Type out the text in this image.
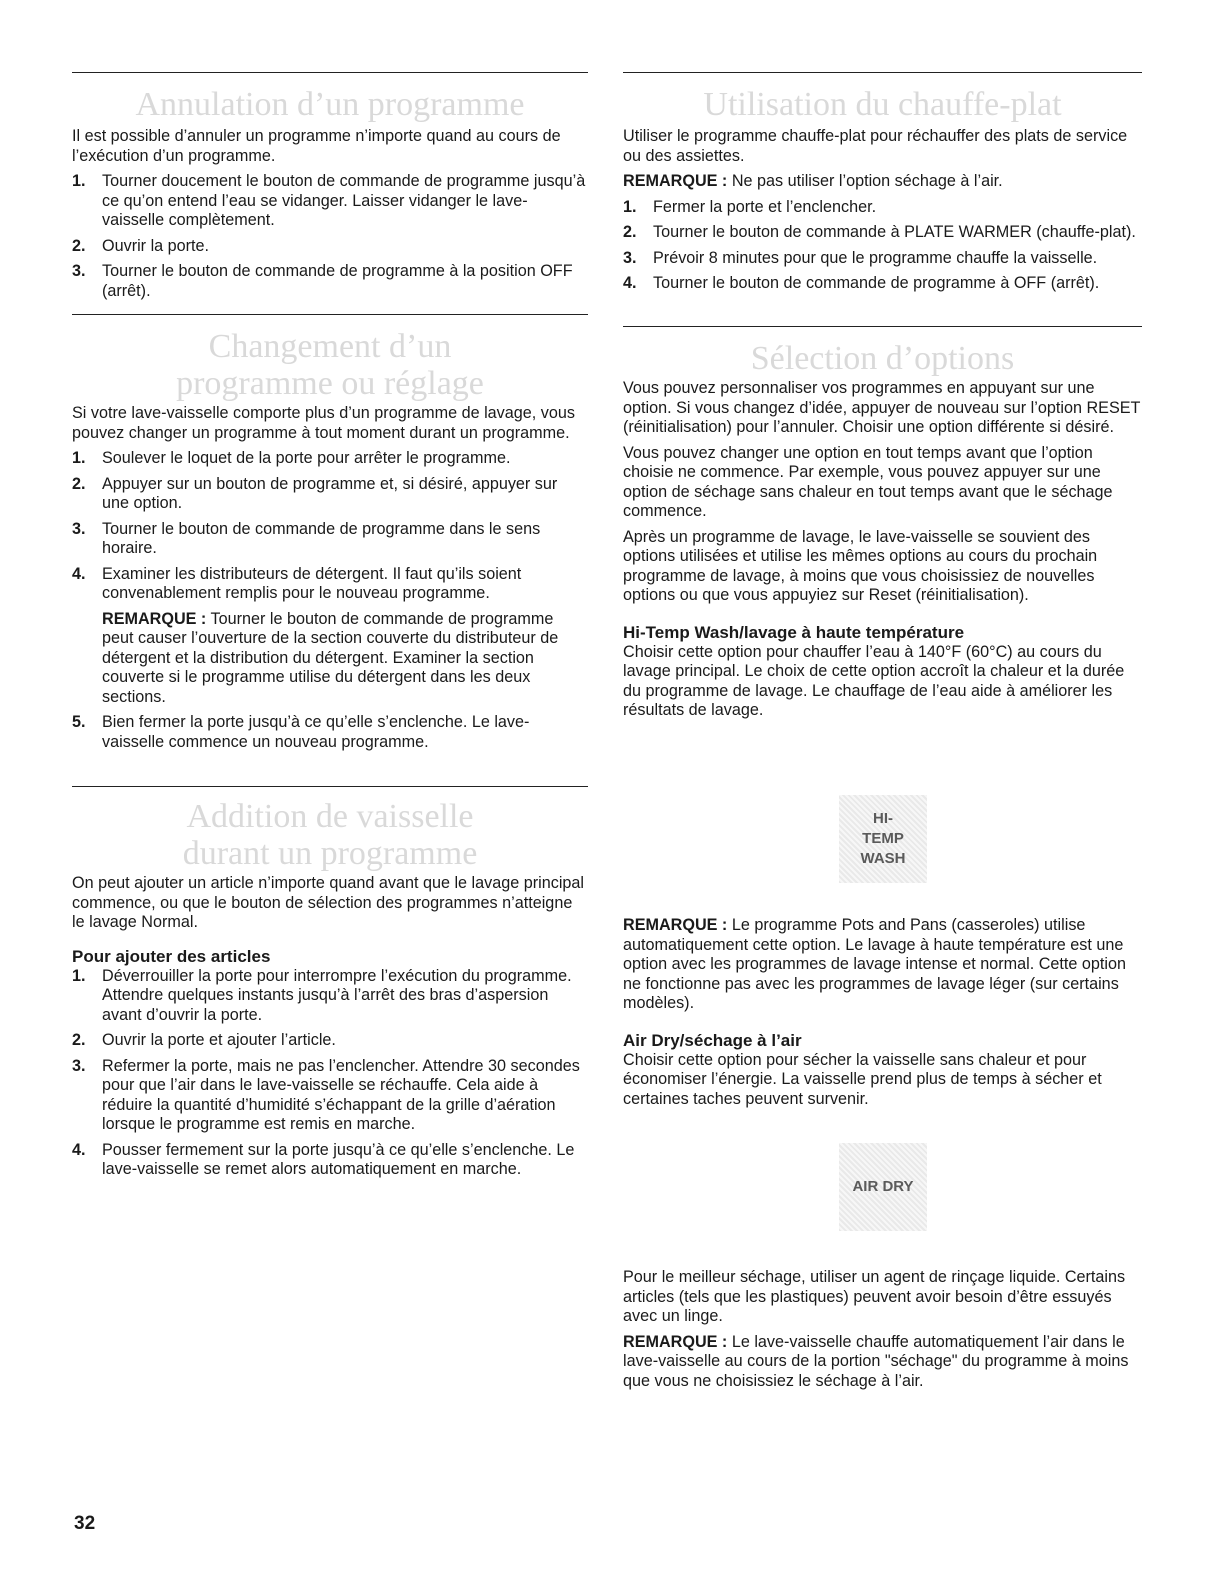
Annulation d’un programme

Il est possible d’annuler un programme n’importe quand au cours de l’exécution d’un programme.

1. Tourner doucement le bouton de commande de programme jusqu’à ce qu’on entend l’eau se vidanger. Laisser vidanger le lave-vaisselle complètement.
2. Ouvrir la porte.
3. Tourner le bouton de commande de programme à la position OFF (arrêt).
Changement d’un
programme ou réglage

Si votre lave-vaisselle comporte plus d’un programme de lavage, vous pouvez changer un programme à tout moment durant un programme.

1. Soulever le loquet de la porte pour arrêter le programme.
2. Appuyer sur un bouton de programme et, si désiré, appuyer sur une option.
3. Tourner le bouton de commande de programme dans le sens horaire.
4. Examiner les distributeurs de détergent. Il faut qu’ils soient convenablement remplis pour le nouveau programme.
REMARQUE : Tourner le bouton de commande de programme peut causer l’ouverture de la section couverte du distributeur de détergent et la distribution du détergent. Examiner la section couverte si le programme utilise du détergent dans les deux sections.
5. Bien fermer la porte jusqu’à ce qu’elle s’enclenche. Le lave-vaisselle commence un nouveau programme.
Addition de vaisselle
durant un programme

On peut ajouter un article n’importe quand avant que le lavage principal commence, ou que le bouton de sélection des programmes n’atteigne le lavage Normal.

Pour ajouter des articles
1. Déverrouiller la porte pour interrompre l’exécution du programme. Attendre quelques instants jusqu’à l’arrêt des bras d’aspersion avant d’ouvrir la porte.
2. Ouvrir la porte et ajouter l’article.
3. Refermer la porte, mais ne pas l’enclencher. Attendre 30 secondes pour que l’air dans le lave-vaisselle se réchauffe. Cela aide à réduire la quantité d’humidité s’échappant de la grille d’aération lorsque le programme est remis en marche.
4. Pousser fermement sur la porte jusqu’à ce qu’elle s’enclenche. Le lave-vaisselle se remet alors automatiquement en marche.
Utilisation du chauffe-plat

Utiliser le programme chauffe-plat pour réchauffer des plats de service ou des assiettes.

REMARQUE : Ne pas utiliser l’option séchage à l’air.

1. Fermer la porte et l’enclencher.
2. Tourner le bouton de commande à PLATE WARMER (chauffe-plat).
3. Prévoir 8 minutes pour que le programme chauffe la vaisselle.
4. Tourner le bouton de commande de programme à OFF (arrêt).
Sélection d’options

Vous pouvez personnaliser vos programmes en appuyant sur une option. Si vous changez d’idée, appuyer de nouveau sur l’option RESET (réinitialisation) pour l’annuler. Choisir une option différente si désiré.

Vous pouvez changer une option en tout temps avant que l’option choisie ne commence. Par exemple, vous pouvez appuyer sur une option de séchage sans chaleur en tout temps avant que le séchage commence.

Après un programme de lavage, le lave-vaisselle se souvient des options utilisées et utilise les mêmes options au cours du prochain programme de lavage, à moins que vous choisissiez de nouvelles options ou que vous appuyiez sur Reset (réinitialisation).

Hi-Temp Wash/lavage à haute température

Choisir cette option pour chauffer l’eau à 140°F (60°C) au cours du lavage principal. Le choix de cette option accroît la chaleur et la durée du programme de lavage. Le chauffage de l’eau aide à améliorer les résultats de lavage.

HI-
TEMP
WASH

REMARQUE : Le programme Pots and Pans (casseroles) utilise automatiquement cette option. Le lavage à haute température est une option avec les programmes de lavage intense et normal. Cette option ne fonctionne pas avec les programmes de lavage léger (sur certains modèles).

Air Dry/séchage à l’air

Choisir cette option pour sécher la vaisselle sans chaleur et pour économiser l’énergie. La vaisselle prend plus de temps à sécher et certaines taches peuvent survenir.

AIR DRY

Pour le meilleur séchage, utiliser un agent de rinçage liquide. Certains articles (tels que les plastiques) peuvent avoir besoin d’être essuyés avec un linge.

REMARQUE : Le lave-vaisselle chauffe automatiquement l’air dans le lave-vaisselle au cours de la portion "séchage" du programme à moins que vous ne choisissiez le séchage à l’air.

32
